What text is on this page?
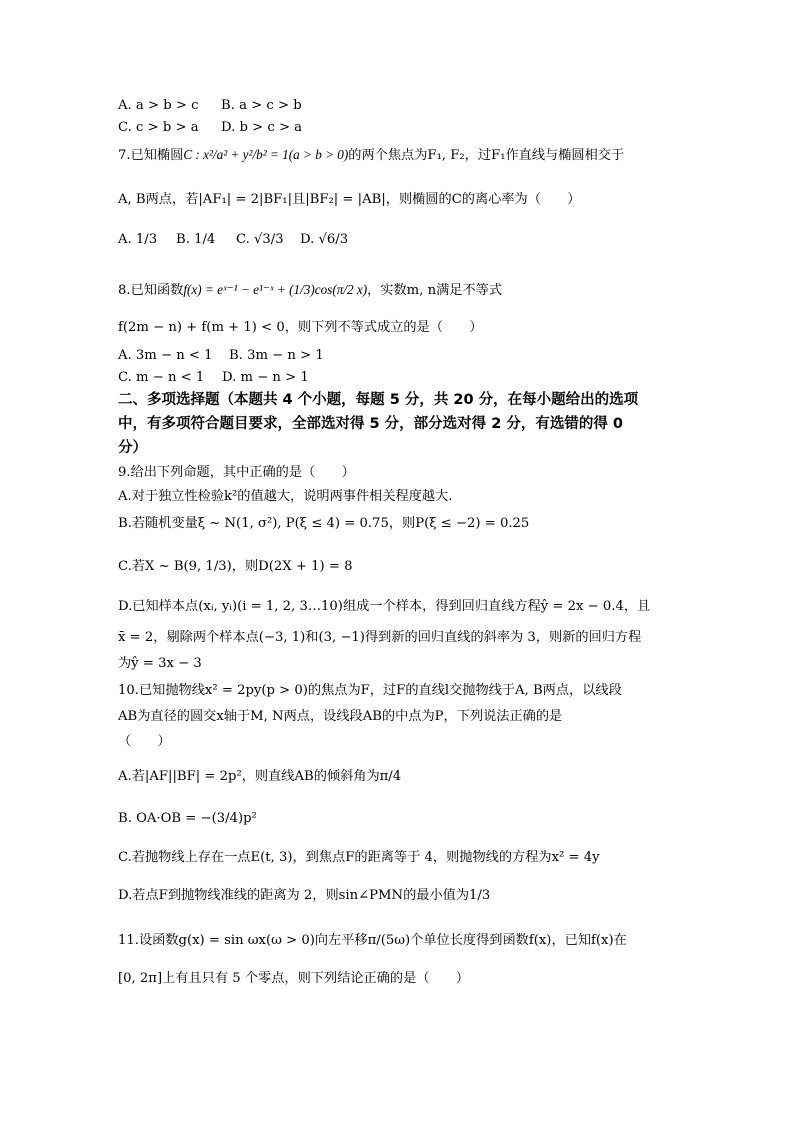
A. a > b > c B. a > c > b
C. c > b > a D. b > c > a
7.已知椭圆C : x²/a² + y²/b² = 1(a > b > 0)的两个焦点为F₁, F₂，过F₁作直线与椭圆相交于
A, B两点，若|AF₁| = 2|BF₁|且|BF₂| = |AB|，则椭圆的C的离心率为（　　）
A. 1/3 B. 1/4 C. √3/3 D. √6/3
8.已知函数f(x) = eˣ⁻¹ − e¹⁻ˣ + (1/3)cos(π/2 x)，实数m, n满足不等式
f(2m − n) + f(m + 1) < 0，则下列不等式成立的是（　　）
A. 3m − n < 1 B. 3m − n > 1
C. m − n < 1 D. m − n > 1
二、多项选择题（本题共 4 个小题，每题 5 分，共 20 分，在每小题给出的选项
中，有多项符合题目要求，全部选对得 5 分，部分选对得 2 分，有选错的得 0
分）
9.给出下列命题，其中正确的是（　　）
A.对于独立性检验k²的值越大，说明两事件相关程度越大.
B.若随机变量ξ ~ N(1, σ²), P(ξ ≤ 4) = 0.75，则P(ξ ≤ −2) = 0.25
C.若X ~ B(9, 1/3)，则D(2X + 1) = 8
D.已知样本点(xᵢ, yᵢ)(i = 1, 2, 3…10)组成一个样本，得到回归直线方程ŷ = 2x − 0.4，且
x̄ = 2，剔除两个样本点(−3, 1)和(3, −1)得到新的回归直线的斜率为 3，则新的回归方程
为ŷ = 3x − 3
10.已知抛物线x² = 2py(p > 0)的焦点为F，过F的直线l交抛物线于A, B两点，以线段
AB为直径的圆交x轴于M, N两点，设线段AB的中点为P，下列说法正确的是
（　　）
A.若|AF||BF| = 2p²，则直线AB的倾斜角为π/4
B. OA·OB = −(3/4)p²
C.若抛物线上存在一点E(t, 3)，到焦点F的距离等于 4，则抛物线的方程为x² = 4y
D.若点F到抛物线准线的距离为 2，则sin∠PMN的最小值为1/3
11.设函数g(x) = sin ωx(ω > 0)向左平移π/(5ω)个单位长度得到函数f(x)，已知f(x)在
[0, 2π]上有且只有 5 个零点，则下列结论正确的是（　　）
